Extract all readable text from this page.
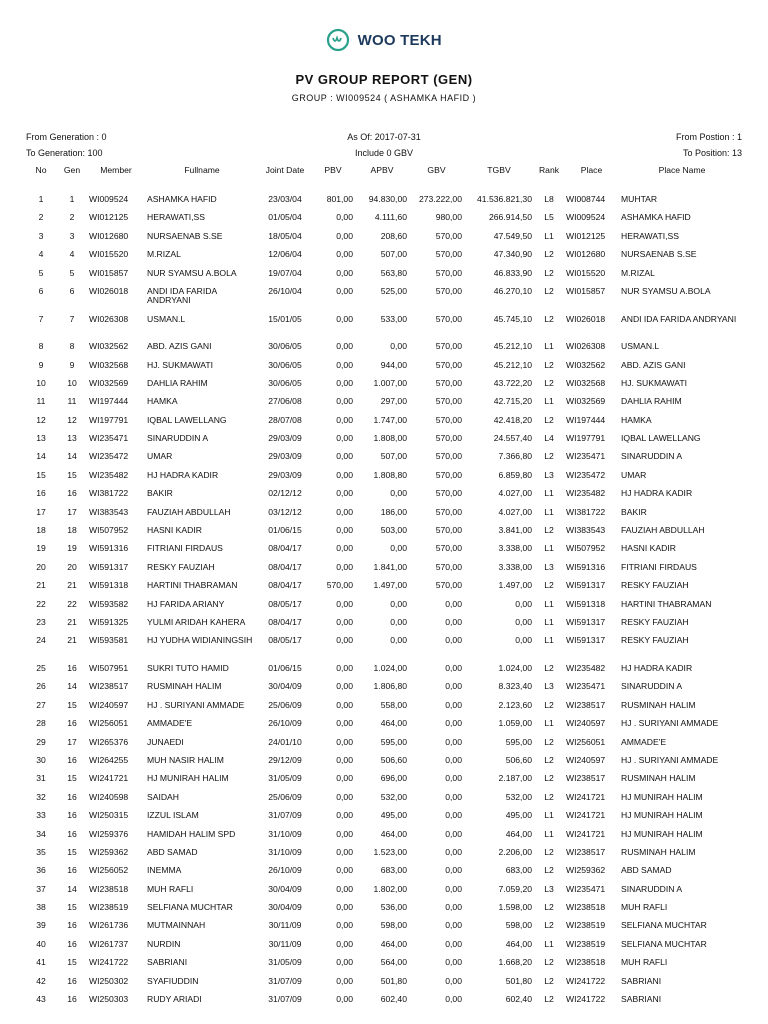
WOO TEKH
PV GROUP REPORT (GEN)
GROUP : WI009524 ( ASHAMKA HAFID )
From Generation : 0
To Generation: 100
As Of: 2017-07-31
Include 0 GBV
From Postion : 1
To Position: 13
No	Gen	Member	Fullname	Joint Date	PBV	APBV	GBV	TGBV	Rank	Place	Place Name
1	1	WI009524	ASHAMKA HAFID	23/03/04	801,00	94.830,00	273.222,00	41.536.821,30	L8	WI008744	MUHTAR
2	2	WI012125	HERAWATI,SS	01/05/04	0,00	4.111,60	980,00	266.914,50	L5	WI009524	ASHAMKA HAFID
3	3	WI012680	NURSAENAB S.SE	18/05/04	0,00	208,60	570,00	47.549,50	L1	WI012125	HERAWATI,SS
4	4	WI015520	M.RIZAL	12/06/04	0,00	507,00	570,00	47.340,90	L2	WI012680	NURSAENAB S.SE
5	5	WI015857	NUR SYAMSU A.BOLA	19/07/04	0,00	563,80	570,00	46.833,90	L2	WI015520	M.RIZAL
6	6	WI026018	ANDI IDA FARIDA ANDRYANI	26/10/04	0,00	525,00	570,00	46.270,10	L2	WI015857	NUR SYAMSU A.BOLA
7	7	WI026308	USMAN.L	15/01/05	0,00	533,00	570,00	45.745,10	L2	WI026018	ANDI IDA FARIDA ANDRYANI
8	8	WI032562	ABD. AZIS GANI	30/06/05	0,00	0,00	570,00	45.212,10	L1	WI026308	USMAN.L
9	9	WI032568	HJ. SUKMAWATI	30/06/05	0,00	944,00	570,00	45.212,10	L2	WI032562	ABD. AZIS GANI
10	10	WI032569	DAHLIA RAHIM	30/06/05	0,00	1.007,00	570,00	43.722,20	L2	WI032568	HJ. SUKMAWATI
11	11	WI197444	HAMKA	27/06/08	0,00	297,00	570,00	42.715,20	L1	WI032569	DAHLIA RAHIM
12	12	WI197791	IQBAL LAWELLANG	28/07/08	0,00	1.747,00	570,00	42.418,20	L2	WI197444	HAMKA
13	13	WI235471	SINARUDDIN A	29/03/09	0,00	1.808,00	570,00	24.557,40	L4	WI197791	IQBAL LAWELLANG
14	14	WI235472	UMAR	29/03/09	0,00	507,00	570,00	7.366,80	L2	WI235471	SINARUDDIN A
15	15	WI235482	HJ HADRA KADIR	29/03/09	0,00	1.808,80	570,00	6.859,80	L3	WI235472	UMAR
16	16	WI381722	BAKIR	02/12/12	0,00	0,00	570,00	4.027,00	L1	WI235482	HJ HADRA KADIR
17	17	WI383543	FAUZIAH ABDULLAH	03/12/12	0,00	186,00	570,00	4.027,00	L1	WI381722	BAKIR
18	18	WI507952	HASNI KADIR	01/06/15	0,00	503,00	570,00	3.841,00	L2	WI383543	FAUZIAH ABDULLAH
19	19	WI591316	FITRIANI FIRDAUS	08/04/17	0,00	0,00	570,00	3.338,00	L1	WI507952	HASNI KADIR
20	20	WI591317	RESKY FAUZIAH	08/04/17	0,00	1.841,00	570,00	3.338,00	L3	WI591316	FITRIANI FIRDAUS
21	21	WI591318	HARTINI THABRAMAN	08/04/17	570,00	1.497,00	570,00	1.497,00	L2	WI591317	RESKY FAUZIAH
22	22	WI593582	HJ FARIDA ARIANY	08/05/17	0,00	0,00	0,00	0,00	L1	WI591318	HARTINI THABRAMAN
23	21	WI591325	YULMI ARIDAH KAHERA	08/04/17	0,00	0,00	0,00	0,00	L1	WI591317	RESKY FAUZIAH
24	21	WI593581	HJ YUDHA WIDIANINGSIH	08/05/17	0,00	0,00	0,00	0,00	L1	WI591317	RESKY FAUZIAH
25	16	WI507951	SUKRI TUTO HAMID	01/06/15	0,00	1.024,00	0,00	1.024,00	L2	WI235482	HJ HADRA KADIR
26	14	WI238517	RUSMINAH HALIM	30/04/09	0,00	1.806,80	0,00	8.323,40	L3	WI235471	SINARUDDIN A
27	15	WI240597	HJ . SURIYANI AMMADE	25/06/09	0,00	558,00	0,00	2.123,60	L2	WI238517	RUSMINAH HALIM
28	16	WI256051	AMMADE'E	26/10/09	0,00	464,00	0,00	1.059,00	L1	WI240597	HJ . SURIYANI AMMADE
29	17	WI265376	JUNAEDI	24/01/10	0,00	595,00	0,00	595,00	L2	WI256051	AMMADE'E
30	16	WI264255	MUH NASIR HALIM	29/12/09	0,00	506,60	0,00	506,60	L2	WI240597	HJ . SURIYANI AMMADE
31	15	WI241721	HJ MUNIRAH HALIM	31/05/09	0,00	696,00	0,00	2.187,00	L2	WI238517	RUSMINAH HALIM
32	16	WI240598	SAIDAH	25/06/09	0,00	532,00	0,00	532,00	L2	WI241721	HJ MUNIRAH HALIM
33	16	WI250315	IZZUL ISLAM	31/07/09	0,00	495,00	0,00	495,00	L1	WI241721	HJ MUNIRAH HALIM
34	16	WI259376	HAMIDAH HALIM SPD	31/10/09	0,00	464,00	0,00	464,00	L1	WI241721	HJ MUNIRAH HALIM
35	15	WI259362	ABD SAMAD	31/10/09	0,00	1.523,00	0,00	2.206,00	L2	WI238517	RUSMINAH HALIM
36	16	WI256052	INEMMA	26/10/09	0,00	683,00	0,00	683,00	L2	WI259362	ABD SAMAD
37	14	WI238518	MUH RAFLI	30/04/09	0,00	1.802,00	0,00	7.059,20	L3	WI235471	SINARUDDIN A
38	15	WI238519	SELFIANA MUCHTAR	30/04/09	0,00	536,00	0,00	1.598,00	L2	WI238518	MUH RAFLI
39	16	WI261736	MUTMAINNAH	30/11/09	0,00	598,00	0,00	598,00	L2	WI238519	SELFIANA MUCHTAR
40	16	WI261737	NURDIN	30/11/09	0,00	464,00	0,00	464,00	L1	WI238519	SELFIANA MUCHTAR
41	15	WI241722	SABRIANI	31/05/09	0,00	564,00	0,00	1.668,20	L2	WI238518	MUH RAFLI
42	16	WI250302	SYAFIUDDIN	31/07/09	0,00	501,80	0,00	501,80	L2	WI241722	SABRIANI
43	16	WI250303	RUDY ARIADI	31/07/09	0,00	602,40	0,00	602,40	L2	WI241722	SABRIANI
